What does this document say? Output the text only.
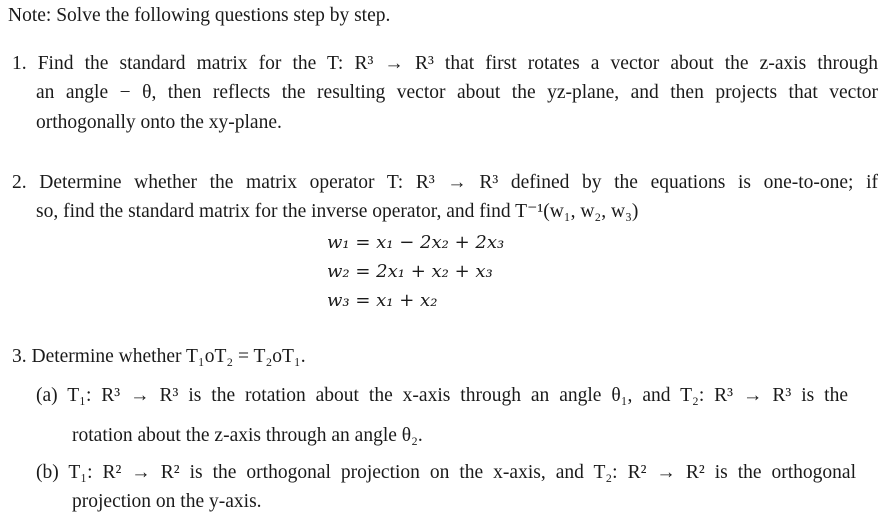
Note: Solve the following questions step by step.
1. Find the standard matrix for the T: R³ → R³ that first rotates a vector about the z-axis through
an angle − θ, then reflects the resulting vector about the yz-plane, and then projects that vector
orthogonally onto the xy-plane.
2. Determine whether the matrix operator T: R³ → R³ defined by the equations is one-to-one; if
so, find the standard matrix for the inverse operator, and find T⁻¹(w₁, w₂, w₃)
w₁ = x₁ − 2x₂ + 2x₃
w₂ = 2x₁ + x₂ + x₃
w₃ = x₁ + x₂
3. Determine whether T₁oT₂ = T₂oT₁.
(a) T₁: R³ → R³ is the rotation about the x-axis through an angle θ₁, and T₂: R³ → R³ is the
rotation about the z-axis through an angle θ₂.
(b) T₁: R² → R² is the orthogonal projection on the x-axis, and T₂: R² → R² is the orthogonal
projection on the y-axis.
